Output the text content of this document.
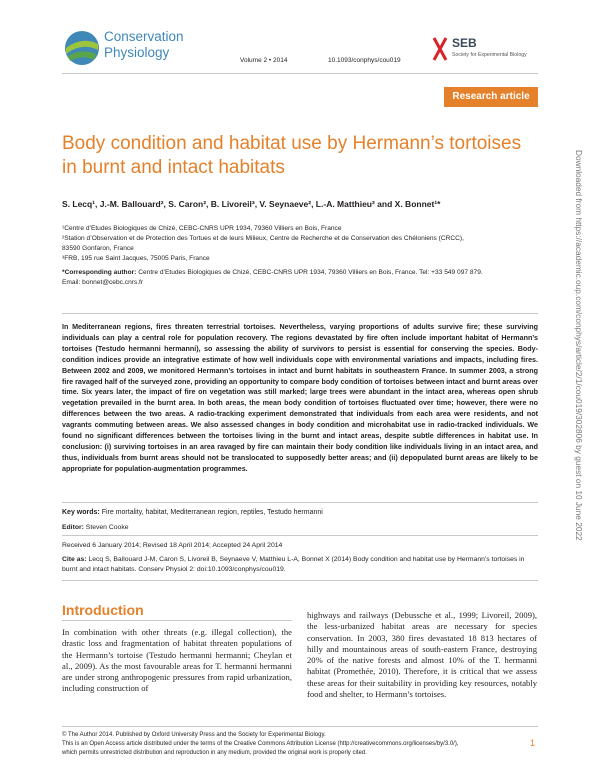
Conservation
Physiology
Volume 2 • 2014	10.1093/conphys/cou019
SEB
Society for Experimental Biology
Research article
Body condition and habitat use by Hermann’s tortoises in burnt and intact habitats
S. Lecq¹, J.-M. Ballouard², S. Caron², B. Livoreil³, V. Seynaeve², L.-A. Matthieu² and X. Bonnet¹*

¹Centre d’Etudes Biologiques de Chizé, CEBC-CNRS UPR 1934, 79360 Villiers en Bois, France

²Station d’Observation et de Protection des Tortues et de leurs Milieux, Centre de Recherche et de Conservation des Chéloniens (CRCC),

83590 Gonfaron, France

³FRB, 195 rue Saint Jacques, 75005 Paris, France

*Corresponding author: Centre d’Etudes Biologiques de Chizé, CEBC-CNRS UPR 1934, 79360 Villiers en Bois, France. Tel: +33 549 097 879.

Email: bonnet@cebc.cnrs.fr

In Mediterranean regions, fires threaten terrestrial tortoises. Nevertheless, varying proportions of adults survive fire; these surviving individuals can play a central role for population recovery. The regions devastated by fire often include important habitat of Hermann’s tortoises (Testudo hermanni hermanni), so assessing the ability of survivors to persist is essential for conserving the species. Body-condition indices provide an integrative estimate of how well individuals cope with environmental variations and impacts, including fires. Between 2002 and 2009, we monitored Hermann’s tortoises in intact and burnt habitats in southeastern France. In summer 2003, a strong fire ravaged half of the surveyed zone, providing an opportunity to compare body condition of tortoises between intact and burnt areas over time. Six years later, the impact of fire on vegetation was still marked; large trees were abundant in the intact area, whereas open shrub vegetation prevailed in the burnt area. In both areas, the mean body condition of tortoises fluctuated over time; however, there were no differences between the two areas. A radio-tracking experiment demonstrated that individuals from each area were residents, and not vagrants commuting between areas. We also assessed changes in body condition and microhabitat use in radio-tracked individuals. We found no significant differences between the tortoises living in the burnt and intact areas, despite subtle differences in habitat use. In conclusion: (i) surviving tortoises in an area ravaged by fire can maintain their body condition like individuals living in an intact area, and thus, individuals from burnt areas should not be translocated to supposedly better areas; and (ii) depopulated burnt areas are likely to be appropriate for population-augmentation programmes.
Key words: Fire mortality, habitat, Mediterranean region, reptiles, Testudo hermanni
Editor: Steven Cooke
Received 6 January 2014; Revised 18 April 2014; Accepted 24 April 2014
Cite as: Lecq S, Ballouard J-M, Caron S, Livoreil B, Seynaeve V, Matthieu L-A, Bonnet X (2014) Body condition and habitat use by Hermann’s tortoises in burnt and intact habitats. Conserv Physiol 2: doi:10.1093/conphys/cou019.
Introduction
In combination with other threats (e.g. illegal collection), the drastic loss and fragmentation of habitat threaten populations of the Hermann’s tortoise (Testudo hermanni hermanni; Cheylan et al., 2009). As the most favourable areas for T. hermanni hermanni are under strong anthropogenic pressures from rapid urbanization, including construction of
highways and railways (Debussche et al., 1999; Livoreil, 2009), the less-urbanized habitat areas are necessary for species conservation. In 2003, 380 fires devastated 18 813 hectares of hilly and mountainous areas of south-eastern France, destroying 20% of the native forests and almost 10% of the T. hermanni habitat (Promethée, 2010). Therefore, it is critical that we assess these areas for their suitability in providing key resources, notably food and shelter, to Hermann’s tortoises.
© The Author 2014. Published by Oxford University Press and the Society for Experimental Biology.
This is an Open Access article distributed under the terms of the Creative Commons Attribution License (http://creativecommons.org/licenses/by/3.0/),
which permits unrestricted distribution and reproduction in any medium, provided the original work is properly cited.
1
Downloaded from https://academic.oup.com/conphys/article/2/1/cou019/302806 by guest on 10 June 2022
